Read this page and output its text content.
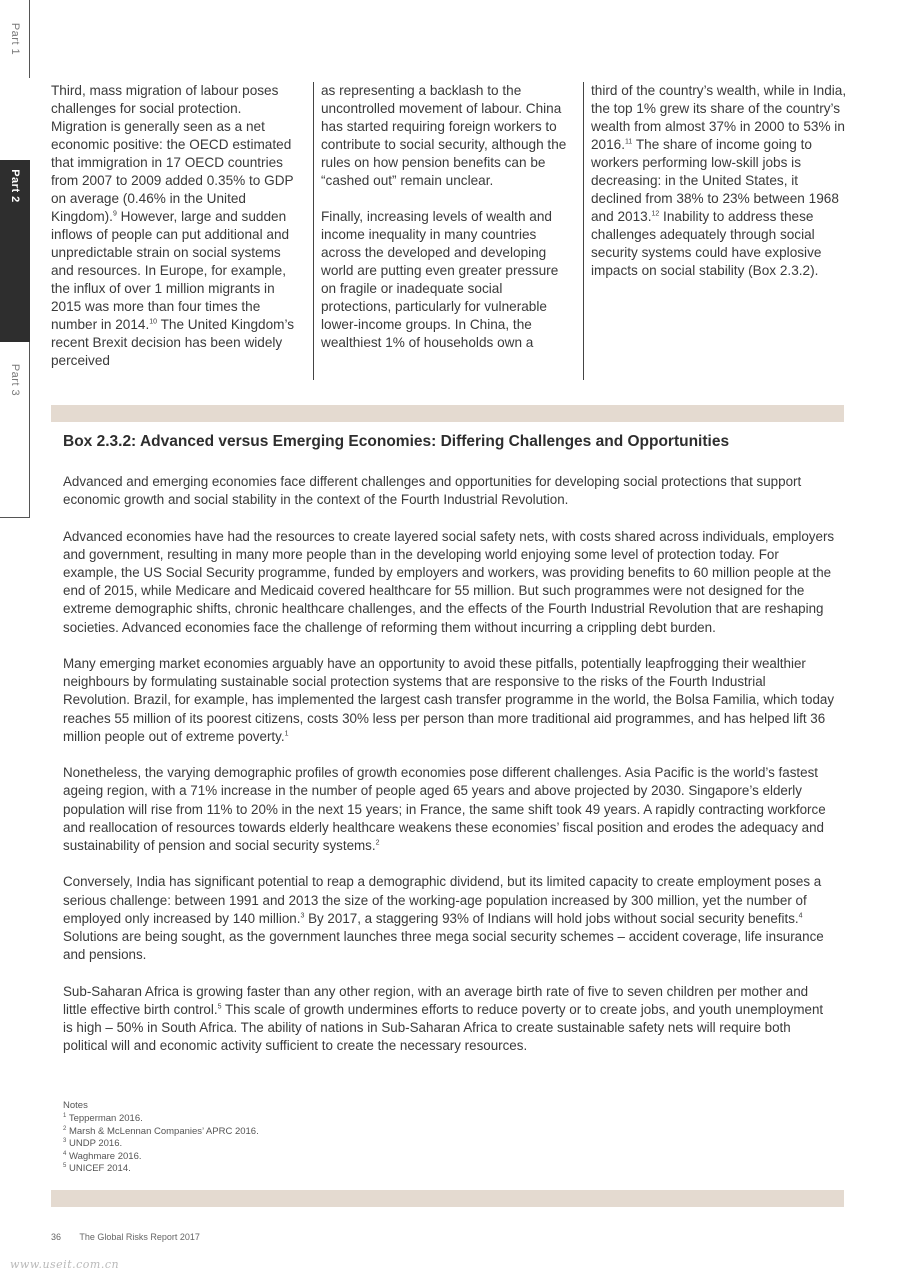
Part 1
Part 3
Part 2

Third, mass migration of labour poses challenges for social protection. Migration is generally seen as a net economic positive: the OECD estimated that immigration in 17 OECD countries from 2007 to 2009 added 0.35% to GDP on average (0.46% in the United Kingdom).$^9$ However, large and sudden inflows of people can put additional and unpredictable strain on social systems and resources. In Europe, for example, the influx of over 1 million migrants in 2015 was more than four times the number in 2014.10 The United Kingdom’s recent Brexit decision has been widely perceived

as representing a backlash to the uncontrolled movement of labour. China has started requiring foreign workers to contribute to social security, although the rules on how pension benefits can be “cashed out” remain unclear.

Finally, increasing levels of wealth and income inequality in many countries across the developed and developing world are putting even greater pressure on fragile or inadequate social protections, particularly for vulnerable lower-income groups. In China, the wealthiest 1% of households own a

third of the country’s wealth, while in India, the top 1% grew its share of the country’s wealth from almost 37% in 2000 to 53% in 2016.11 The share of income going to workers performing low-skill jobs is decreasing: in the United States, it declined from 38% to 23% between 1968 and 2013.12 Inability to address these challenges adequately through social security systems could have explosive impacts on social stability (Box 2.3.2).

Box 2.3.2: Advanced versus Emerging Economies: Differing Challenges and Opportunities

Advanced and emerging economies face different challenges and opportunities for developing social protections that support economic growth and social stability in the context of the Fourth Industrial Revolution.

Advanced economies have had the resources to create layered social safety nets, with costs shared across individuals, employers and government, resulting in many more people than in the developing world enjoying some level of protection today. For example, the US Social Security programme, funded by employers and workers, was providing benefits to 60 million people at the end of 2015, while Medicare and Medicaid covered healthcare for 55 million. But such programmes were not designed for the extreme demographic shifts, chronic healthcare challenges, and the effects of the Fourth Industrial Revolution that are reshaping societies. Advanced economies face the challenge of reforming them without incurring a crippling debt burden.

Many emerging market economies arguably have an opportunity to avoid these pitfalls, potentially leapfrogging their wealthier neighbours by formulating sustainable social protection systems that are responsive to the risks of the Fourth Industrial Revolution. Brazil, for example, has implemented the largest cash transfer programme in the world, the Bolsa Familia, which today reaches 55 million of its poorest citizens, costs 30% less per person than more traditional aid programmes, and has helped lift 36 million people out of extreme poverty.$^1$

Nonetheless, the varying demographic profiles of growth economies pose different challenges. Asia Pacific is the world’s fastest ageing region, with a 71% increase in the number of people aged 65 years and above projected by 2030. Singapore’s elderly population will rise from 11% to 20% in the next 15 years; in France, the same shift took 49 years. A rapidly contracting workforce and reallocation of resources towards elderly healthcare weakens these economies’ fiscal position and erodes the adequacy and sustainability of pension and social security systems.$^2$

Conversely, India has significant potential to reap a demographic dividend, but its limited capacity to create employment poses a serious challenge: between 1991 and 2013 the size of the working-age population increased by 300 million, yet the number of employed only increased by 140 million.$^3$ By 2017, a staggering 93% of Indians will hold jobs without social security benefits.$^4$ Solutions are being sought, as the government launches three mega social security schemes – accident coverage, life insurance and pensions.

Sub-Saharan Africa is growing faster than any other region, with an average birth rate of five to seven children per mother and little effective birth control.$^5$ This scale of growth undermines efforts to reduce poverty or to create jobs, and youth unemployment is high – 50% in South Africa. The ability of nations in Sub-Saharan Africa to create sustainable safety nets will require both political will and economic activity sufficient to create the necessary resources.

Notes
$^1$ Tepperman 2016.
$^2$ Marsh & McLennan Companies’ APRC 2016.
$^3$ UNDP 2016.
$^4$ Waghmare 2016.
$^5$ UNICEF 2014.
36 The Global Risks Report 2017
www.useit.com.cn
